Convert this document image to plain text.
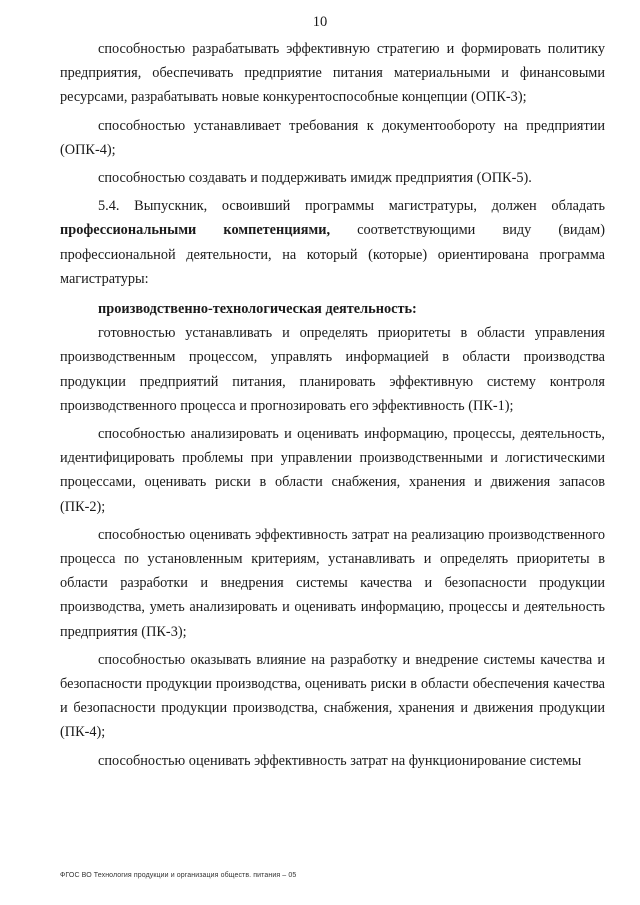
10

способностью разрабатывать эффективную стратегию и формировать политику предприятия, обеспечивать предприятие питания материальными и финансовыми ресурсами, разрабатывать новые конкурентоспособные концепции (ОПК-3);

способностью устанавливает требования к документообороту на предприятии (ОПК-4);

способностью создавать и поддерживать имидж предприятия (ОПК-5).

5.4. Выпускник, освоивший программы магистратуры, должен обладать профессиональными компетенциями, соответствующими виду (видам) профессиональной деятельности, на который (которые) ориентирована программа магистратуры:

производственно-технологическая деятельность:

готовностью устанавливать и определять приоритеты в области управления производственным процессом, управлять информацией в области производства продукции предприятий питания, планировать эффективную систему контроля производственного процесса и прогнозировать его эффективность (ПК-1);

способностью анализировать и оценивать информацию, процессы, деятельность, идентифицировать проблемы при управлении производственными и логистическими процессами, оценивать риски в области снабжения, хранения и движения запасов (ПК-2);

способностью оценивать эффективность затрат на реализацию производственного процесса по установленным критериям, устанавливать и определять приоритеты в области разработки и внедрения системы качества и безопасности продукции производства, уметь анализировать и оценивать информацию, процессы и деятельность предприятия (ПК-3);

способностью оказывать влияние на разработку и внедрение системы качества и безопасности продукции производства, оценивать риски в области обеспечения качества и безопасности продукции производства, снабжения, хранения и движения продукции (ПК-4);

способностью оценивать эффективность затрат на функционирование системы

ФГОС ВО Технология продукции и организация обществ. питания – 05
